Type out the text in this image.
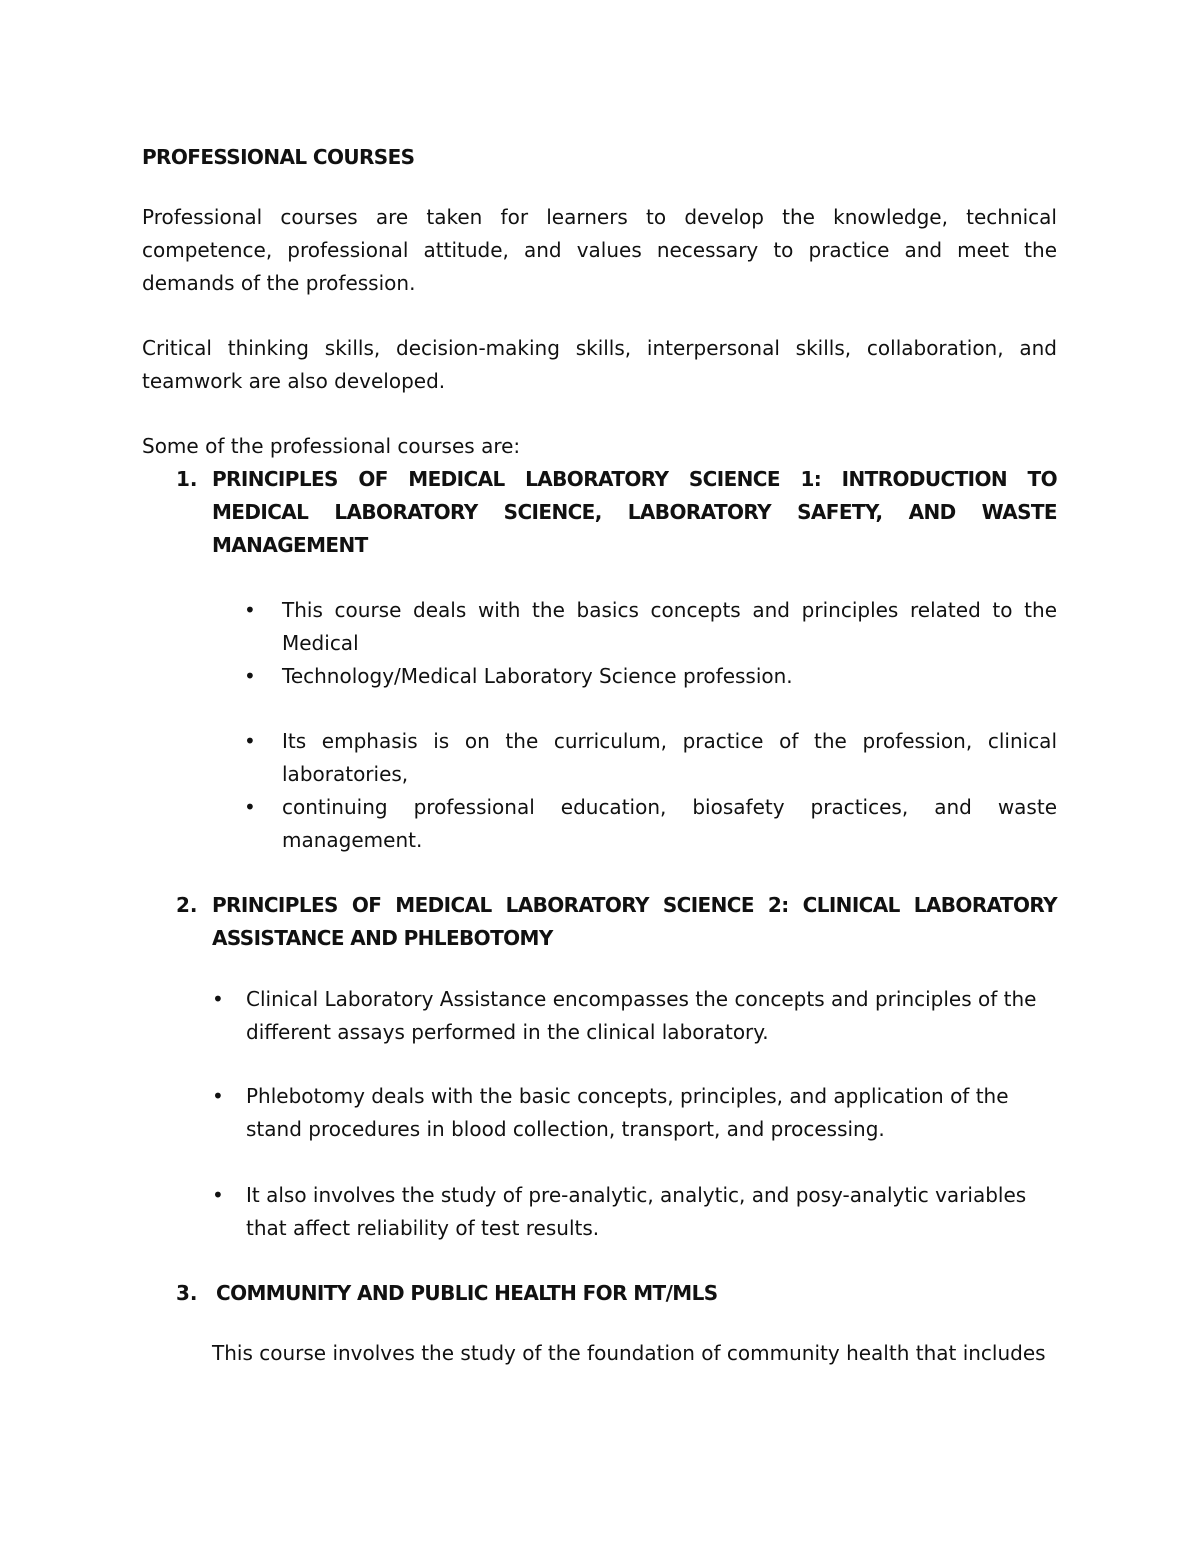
PROFESSIONAL COURSES
Professional courses are taken for learners to develop the knowledge, technical competence, professional attitude, and values necessary to practice and meet the demands of the profession.
Critical thinking skills, decision-making skills, interpersonal skills, collaboration, and teamwork are also developed.
Some of the professional courses are:
1. PRINCIPLES OF MEDICAL LABORATORY SCIENCE 1: INTRODUCTION TO MEDICAL LABORATORY SCIENCE, LABORATORY SAFETY, AND WASTE MANAGEMENT
• This course deals with the basics concepts and principles related to the Medical
• Technology/Medical Laboratory Science profession.
• Its emphasis is on the curriculum, practice of the profession, clinical laboratories,
• continuing professional education, biosafety practices, and waste management.
2. PRINCIPLES OF MEDICAL LABORATORY SCIENCE 2: CLINICAL LABORATORY ASSISTANCE AND PHLEBOTOMY
• Clinical Laboratory Assistance encompasses the concepts and principles of the different assays performed in the clinical laboratory.
• Phlebotomy deals with the basic concepts, principles, and application of the stand procedures in blood collection, transport, and processing.
• It also involves the study of pre-analytic, analytic, and posy-analytic variables that affect reliability of test results.
3. COMMUNITY AND PUBLIC HEALTH FOR MT/MLS
This course involves the study of the foundation of community health that includes
